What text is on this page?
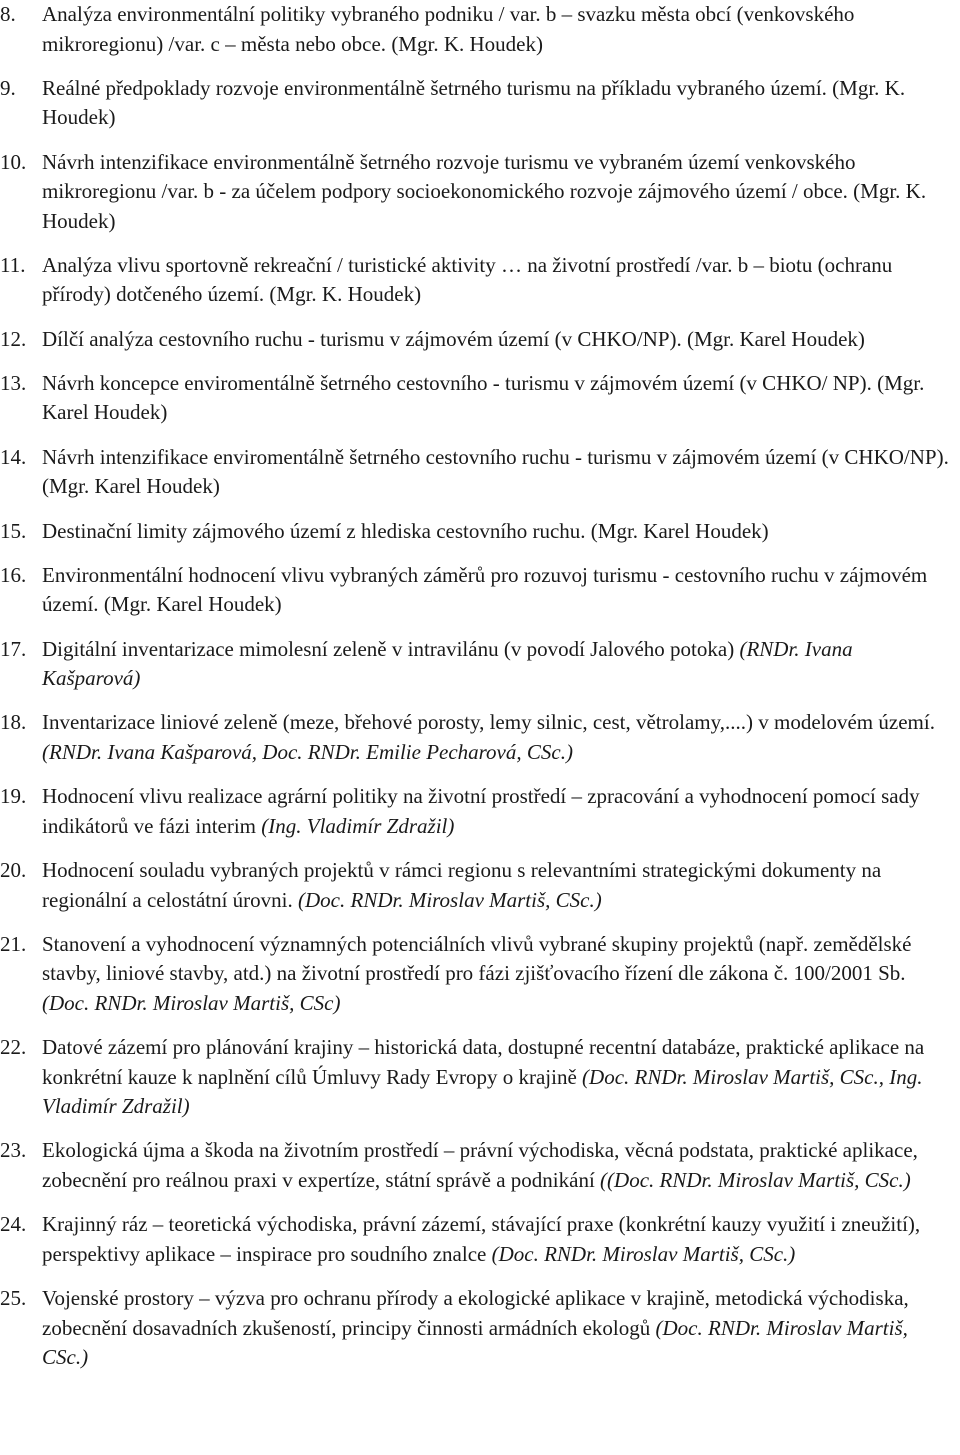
8.	Analýza environmentální politiky vybraného podniku / var. b – svazku města obcí (venkovského mikroregionu) /var. c – města nebo obce. (Mgr. K. Houdek)
9.	Reálné předpoklady rozvoje environmentálně šetrného turismu na příkladu vybraného území. (Mgr. K. Houdek)
10. Návrh intenzifikace environmentálně šetrného rozvoje turismu ve vybraném území venkovského mikroregionu /var. b - za účelem podpory socioekonomického rozvoje zájmového území / obce. (Mgr. K. Houdek)
11. Analýza vlivu sportovně rekreační / turistické aktivity … na životní prostředí /var. b – biotu (ochranu přírody) dotčeného území. (Mgr. K. Houdek)
12. Dílčí analýza cestovního ruchu - turismu v zájmovém území (v CHKO/NP). (Mgr. Karel Houdek)
13. Návrh koncepce enviromentálně šetrného cestovního - turismu v zájmovém území (v CHKO/ NP). (Mgr. Karel Houdek)
14. Návrh intenzifikace enviromentálně šetrného cestovního ruchu - turismu v zájmovém území (v CHKO/NP). (Mgr. Karel Houdek)
15. Destinační limity zájmového území z hlediska cestovního ruchu. (Mgr. Karel Houdek)
16. Environmentální hodnocení vlivu vybraných záměrů pro rozuvoj turismu - cestovního ruchu v zájmovém území. (Mgr. Karel Houdek)
17. Digitální inventarizace mimolesní zeleně v intravilánu (v povodí Jalového potoka) (RNDr. Ivana Kašparová)
18. Inventarizace liniové zeleně (meze, břehové porosty, lemy silnic, cest, větrolamy,....) v modelovém území. (RNDr. Ivana Kašparová, Doc. RNDr. Emilie Pecharová, CSc.)
19. Hodnocení vlivu realizace agrární politiky na životní prostředí – zpracování a vyhodnocení pomocí sady indikátorů ve fázi interim (Ing. Vladimír Zdražil)
20. Hodnocení souladu vybraných projektů v rámci regionu s relevantními strategickými dokumenty na regionální a celostátní úrovni. (Doc. RNDr. Miroslav Martiš, CSc.)
21. Stanovení a vyhodnocení významných potenciálních vlivů vybrané skupiny projektů (např. zemědělské stavby, liniové stavby, atd.) na životní prostředí pro fázi zjišťovacího řízení dle zákona č. 100/2001 Sb. (Doc. RNDr. Miroslav Martiš, CSc)
22. Datové zázemí pro plánování krajiny – historická data, dostupné recentní databáze, praktické aplikace na konkrétní kauze k naplnění cílů Úmluvy Rady Evropy o krajině (Doc. RNDr. Miroslav Martiš, CSc., Ing. Vladimír Zdražil)
23. Ekologická újma a škoda na životním prostředí – právní východiska, věcná podstata, praktické aplikace, zobecnění pro reálnou praxi v expertíze, státní správě a podnikání ((Doc. RNDr. Miroslav Martiš, CSc.)
24. Krajinný ráz – teoretická východiska, právní zázemí, stávající praxe (konkrétní kauzy využití i zneužití), perspektivy aplikace – inspirace pro soudního znalce (Doc. RNDr. Miroslav Martiš, CSc.)
25. Vojenské prostory – výzva pro ochranu přírody a ekologické aplikace v krajině, metodická východiska, zobecnění dosavadních zkušeností, principy činnosti armádních ekologů (Doc. RNDr. Miroslav Martiš, CSc.)
